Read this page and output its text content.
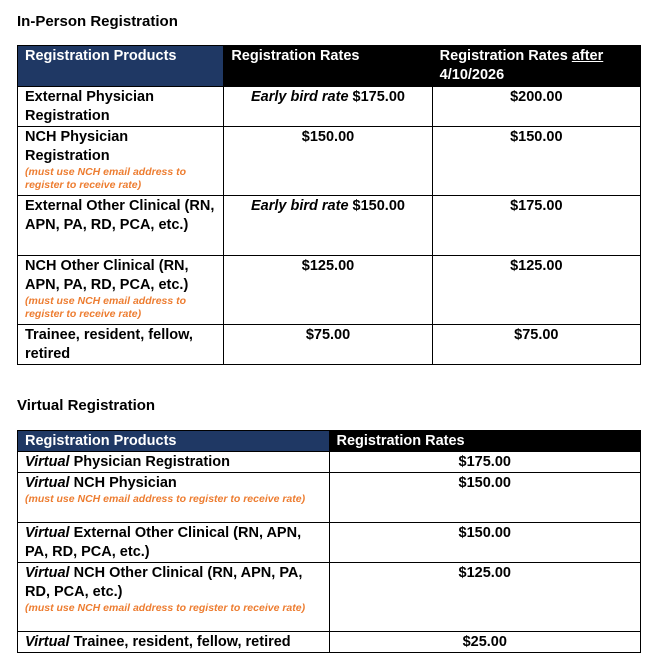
In-Person Registration
Registration Products	Registration Rates	Registration Rates after
4/10/2026
External Physician Registration	Early bird rate $175.00	$200.00
NCH Physician Registration
(must use NCH email address to register to receive rate)	$150.00	$150.00
External Other Clinical (RN, APN, PA, RD, PCA, etc.)	Early bird rate $150.00	$175.00
NCH Other Clinical (RN, APN, PA, RD, PCA, etc.)
(must use NCH email address to register to receive rate)	$125.00	$125.00
Trainee, resident, fellow, retired	$75.00	$75.00
Virtual Registration
Registration Products	Registration Rates
Virtual Physician Registration	$175.00
Virtual NCH Physician
(must use NCH email address to register to receive rate)	$150.00
Virtual External Other Clinical (RN, APN, PA, RD, PCA, etc.)	$150.00
Virtual NCH Other Clinical (RN, APN, PA, RD, PCA, etc.)
(must use NCH email address to register to receive rate)	$125.00
Virtual Trainee, resident, fellow, retired	$25.00
